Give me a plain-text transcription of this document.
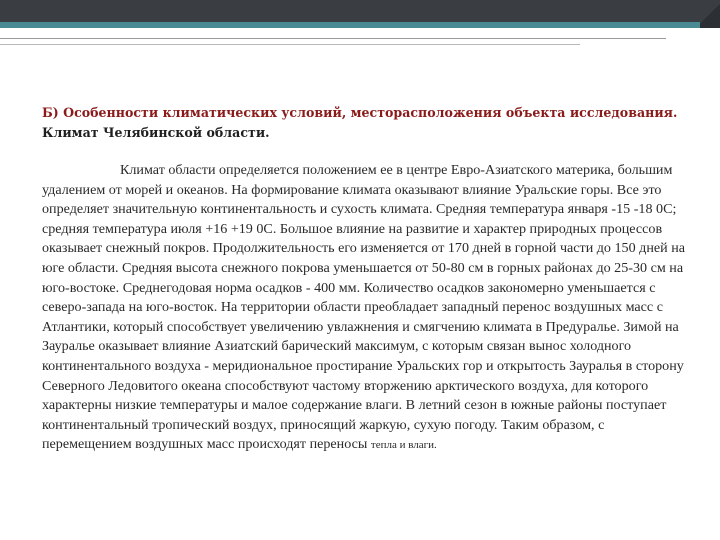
Б) Особенности климатических условий, месторасположения объекта исследования.
Климат Челябинской области.

Климат области определяется положением ее в центре Евро-Азиатского материка, большим удалением от морей и океанов. На формирование климата оказывают влияние Уральские горы. Все это определяет значительную континентальность и сухость климата. Средняя температура января -15 -18 0С; средняя температура июля +16 +19 0С. Большое влияние на развитие и характер природных процессов оказывает снежный покров. Продолжительность его изменяется от 170 дней в горной части до 150 дней на юге области. Средняя высота снежного покрова уменьшается от 50-80 см в горных районах до 25-30 см на юго-востоке. Среднегодовая норма осадков - 400 мм. Количество осадков закономерно уменьшается с северо-запада на юго-восток. На территории области преобладает западный перенос воздушных масс с Атлантики, который способствует увеличению увлажнения и смягчению климата в Предуралье. Зимой на Зауралье оказывает влияние Азиатский барический максимум, с которым связан вынос холодного континентального воздуха - меридиональное простирание Уральских гор и открытость Зауралья в сторону Северного Ледовитого океана способствуют частому вторжению арктического воздуха, для которого характерны низкие температуры и малое содержание влаги. В летний сезон в южные районы поступает континентальный тропический воздух, приносящий жаркую, сухую погоду. Таким образом, с перемещением воздушных масс происходят переносы тепла и влаги.
